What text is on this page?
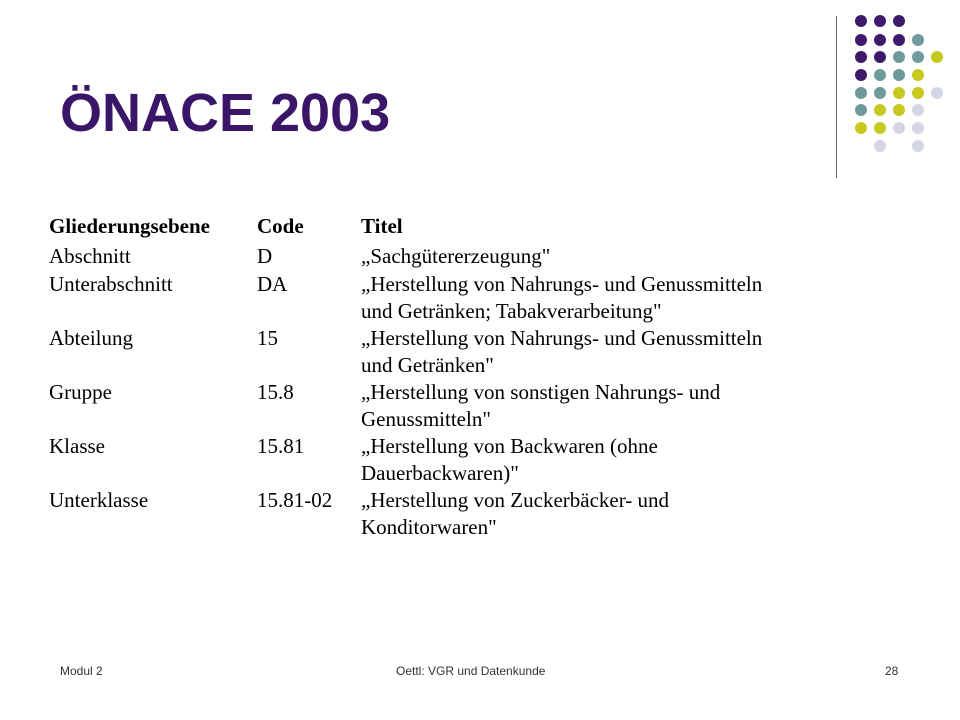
ÖNACE 2003
Gliederungsebene	Code	Titel
Abschnitt	D	„Sachgütererzeugung"
Unterabschnitt	DA	„Herstellung von Nahrungs- und Genussmitteln
und Getränken; Tabakverarbeitung"
Abteilung	15	„Herstellung von Nahrungs- und Genussmitteln
und Getränken"
Gruppe	15.8	„Herstellung von sonstigen Nahrungs- und
Genussmitteln"
Klasse	15.81	„Herstellung von Backwaren (ohne
Dauerbackwaren)"
Unterklasse	15.81-02	„Herstellung von Zuckerbäcker- und
Konditorwaren"
Modul 2	Oettl: VGR und Datenkunde	28
